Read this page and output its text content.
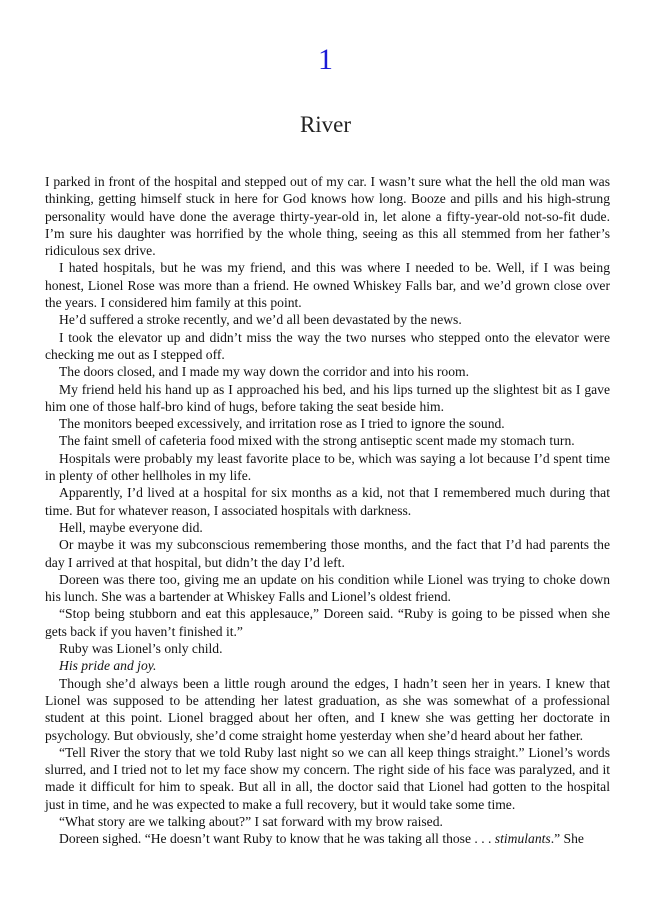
1
River

I parked in front of the hospital and stepped out of my car. I wasn’t sure what the hell the old man was thinking, getting himself stuck in here for God knows how long. Booze and pills and his high-strung personality would have done the average thirty-year-old in, let alone a fifty-year-old not-so-fit dude. I’m sure his daughter was horrified by the whole thing, seeing as this all stemmed from her father’s ridiculous sex drive.

I hated hospitals, but he was my friend, and this was where I needed to be. Well, if I was being honest, Lionel Rose was more than a friend. He owned Whiskey Falls bar, and we’d grown close over the years. I considered him family at this point.

He’d suffered a stroke recently, and we’d all been devastated by the news.

I took the elevator up and didn’t miss the way the two nurses who stepped onto the elevator were checking me out as I stepped off.

The doors closed, and I made my way down the corridor and into his room.

My friend held his hand up as I approached his bed, and his lips turned up the slightest bit as I gave him one of those half-bro kind of hugs, before taking the seat beside him.

The monitors beeped excessively, and irritation rose as I tried to ignore the sound.

The faint smell of cafeteria food mixed with the strong antiseptic scent made my stomach turn.

Hospitals were probably my least favorite place to be, which was saying a lot because I’d spent time in plenty of other hellholes in my life.

Apparently, I’d lived at a hospital for six months as a kid, not that I remembered much during that time. But for whatever reason, I associated hospitals with darkness.

Hell, maybe everyone did.

Or maybe it was my subconscious remembering those months, and the fact that I’d had parents the day I arrived at that hospital, but didn’t the day I’d left.

Doreen was there too, giving me an update on his condition while Lionel was trying to choke down his lunch. She was a bartender at Whiskey Falls and Lionel’s oldest friend.

“Stop being stubborn and eat this applesauce,” Doreen said. “Ruby is going to be pissed when she gets back if you haven’t finished it.”

Ruby was Lionel’s only child.

His pride and joy.

Though she’d always been a little rough around the edges, I hadn’t seen her in years. I knew that Lionel was supposed to be attending her latest graduation, as she was somewhat of a professional student at this point. Lionel bragged about her often, and I knew she was getting her doctorate in psychology. But obviously, she’d come straight home yesterday when she’d heard about her father.

“Tell River the story that we told Ruby last night so we can all keep things straight.” Lionel’s words slurred, and I tried not to let my face show my concern. The right side of his face was paralyzed, and it made it difficult for him to speak. But all in all, the doctor said that Lionel had gotten to the hospital just in time, and he was expected to make a full recovery, but it would take some time.

“What story are we talking about?” I sat forward with my brow raised.

Doreen sighed. “He doesn’t want Ruby to know that he was taking all those . . . stimulants.” She
